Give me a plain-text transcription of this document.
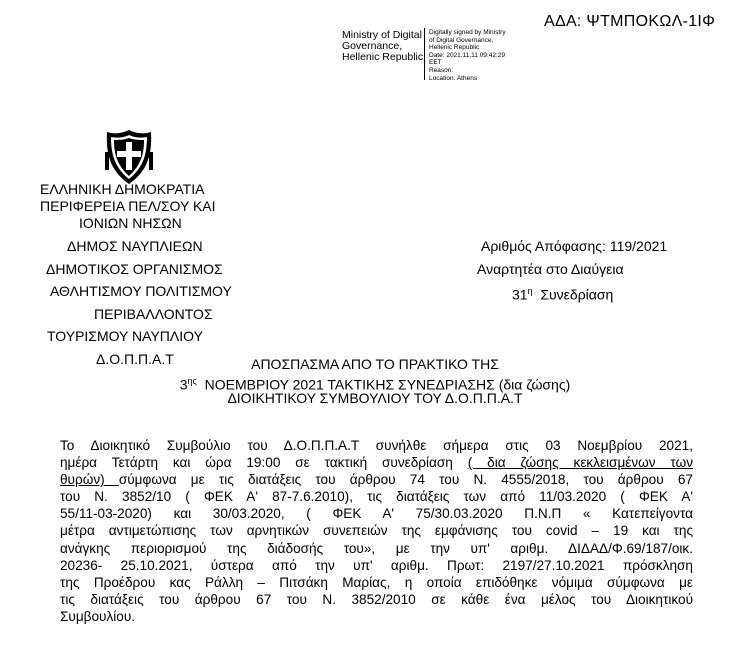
Ministry of Digital
Governance,
Hellenic Republic
Digitally signed by Ministry
of Digital Governance,
Hellenic Republic
Date: 2021.11.11 09:42:29
EET
Reason:
Location: Athens
ΑΔΑ: ΨΤΜΠΟΚΩΛ-1ΙΦ
ΕΛΛΗΝΙΚΗ ΔΗΜΟΚΡΑΤΙΑ
ΠΕΡΙΦΕΡΕΙΑ ΠΕΛ/ΣΟΥ ΚΑΙ
ΙΟΝΙΩΝ ΝΗΣΩΝ
ΔΗΜΟΣ ΝΑΥΠΛΙΕΩΝ
ΔΗΜΟΤΙΚΟΣ ΟΡΓΑΝΙΣΜΟΣ
ΑΘΛΗΤΙΣΜΟΥ ΠΟΛΙΤΙΣΜΟΥ
ΠΕΡΙΒΑΛΛΟΝΤΟΣ
ΤΟΥΡΙΣΜΟΥ ΝΑΥΠΛΙΟΥ
Δ.Ο.Π.Π.Α.Τ
Αριθμός Απόφασης: 119/2021
Αναρτητέα στο Διαύγεια
$31^\eta$ Συνεδρίαση
ΑΠΟΣΠΑΣΜΑ ΑΠΟ ΤΟ ΠΡΑΚΤΙΚΟ ΤΗΣ
$3^{\eta\varsigma}$ ΝΟΕΜΒΡΙΟΥ 2021 ΤΑΚΤΙΚΗΣ ΣΥΝΕΔΡΙΑΣΗΣ (δια ζώσης)
ΔΙΟΙΚΗΤΙΚΟΥ ΣΥΜΒΟΥΛΙΟΥ ΤΟΥ Δ.Ο.Π.Π.Α.Τ
Το Διοικητικό Συμβούλιο του Δ.Ο.Π.Π.Α.Τ συνήλθε σήμερα στις 03 Νοεμβρίου 2021,
ημέρα Τετάρτη και ώρα 19:00 σε τακτική συνεδρίαση ( δια ζώσης κεκλεισμένων των
θυρών) σύμφωνα με τις διατάξεις του άρθρου 74 του Ν. 4555/2018, του άρθρου 67
του Ν. 3852/10 ( ΦΕΚ Α' 87-7.6.2010), τις διατάξεις των από 11/03.2020 ( ΦΕΚ Α'
55/11-03-2020) και 30/03.2020, ( ΦΕΚ Α' 75/30.03.2020 Π.Ν.Π « Κατεπείγοντα
μέτρα αντιμετώπισης των αρνητικών συνεπειών της εμφάνισης του covid – 19 και της
ανάγκης περιορισμού της διάδοσής του», με την υπ' αριθμ. ΔΙΔΑΔ/Φ.69/187/οικ.
20236- 25.10.2021, ύστερα από την υπ' αριθμ. Πρωτ: 2197/27.10.2021 πρόσκληση
της Προέδρου κας Ράλλη – Πιτσάκη Μαρίας, η οποία επιδόθηκε νόμιμα σύμφωνα με
τις διατάξεις του άρθρου 67 του Ν. 3852/2010 σε κάθε ένα μέλος του Διοικητικού
Συμβουλίου.
